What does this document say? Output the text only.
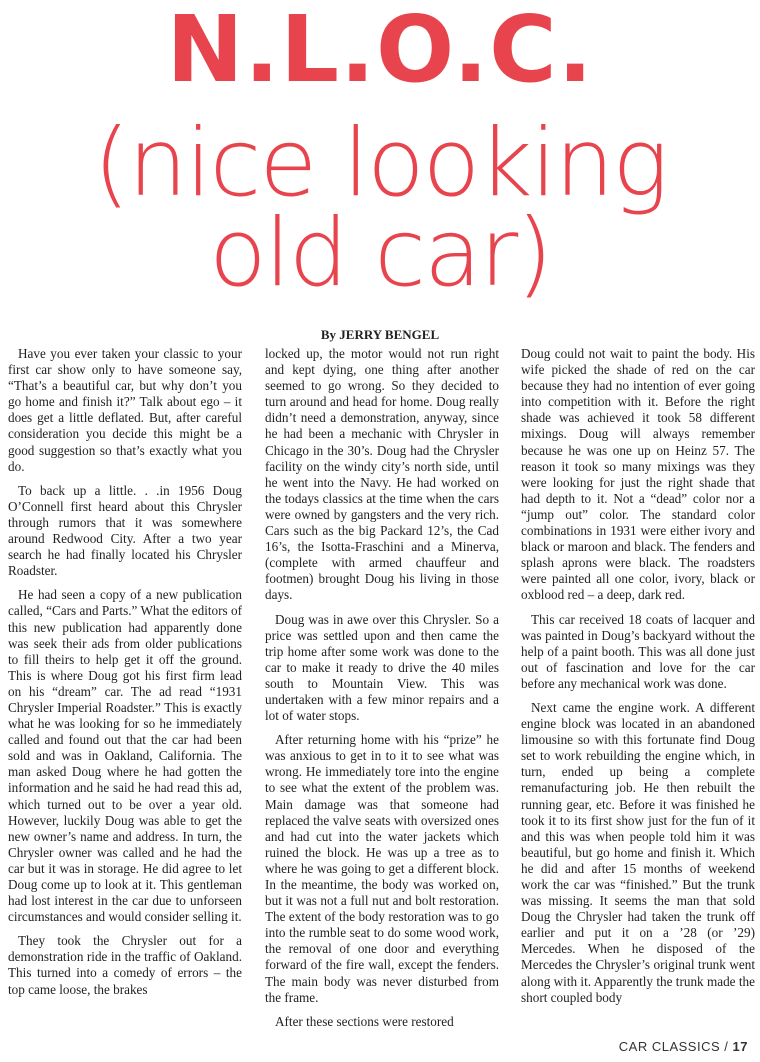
N.L.O.C.
(nice looking
old car)
By JERRY BENGEL

Have you ever taken your classic to your first car show only to have someone say, “That’s a beautiful car, but why don’t you go home and finish it?” Talk about ego – it does get a little deflated. But, after careful consideration you decide this might be a good suggestion so that’s exactly what you do.

To back up a little. . .in 1956 Doug O’Connell first heard about this Chrysler through rumors that it was somewhere around Redwood City. After a two year search he had finally located his Chrysler Roadster.

He had seen a copy of a new publication called, “Cars and Parts.” What the editors of this new publication had apparently done was seek their ads from older publications to fill theirs to help get it off the ground. This is where Doug got his first firm lead on his “dream” car. The ad read “1931 Chrysler Imperial Roadster.” This is exactly what he was looking for so he immediately called and found out that the car had been sold and was in Oakland, California. The man asked Doug where he had gotten the information and he said he had read this ad, which turned out to be over a year old. However, luckily Doug was able to get the new owner’s name and address. In turn, the Chrysler owner was called and he had the car but it was in storage. He did agree to let Doug come up to look at it. This gentleman had lost interest in the car due to unforseen circumstances and would consider selling it.

They took the Chrysler out for a demonstration ride in the traffic of Oakland. This turned into a comedy of errors – the top came loose, the brakes

locked up, the motor would not run right and kept dying, one thing after another seemed to go wrong. So they decided to turn around and head for home. Doug really didn’t need a demonstration, anyway, since he had been a mechanic with Chrysler in Chicago in the 30’s. Doug had the Chrysler facility on the windy city’s north side, until he went into the Navy. He had worked on the todays classics at the time when the cars were owned by gangsters and the very rich. Cars such as the big Packard 12’s, the Cad 16’s, the Isotta-Fraschini and a Minerva, (complete with armed chauffeur and footmen) brought Doug his living in those days.

Doug was in awe over this Chrysler. So a price was settled upon and then came the trip home after some work was done to the car to make it ready to drive the 40 miles south to Mountain View. This was undertaken with a few minor repairs and a lot of water stops.

After returning home with his “prize” he was anxious to get in to it to see what was wrong. He immediately tore into the engine to see what the extent of the problem was. Main damage was that someone had replaced the valve seats with oversized ones and had cut into the water jackets which ruined the block. He was up a tree as to where he was going to get a different block. In the meantime, the body was worked on, but it was not a full nut and bolt restoration. The extent of the body restoration was to go into the rumble seat to do some wood work, the removal of one door and everything forward of the fire wall, except the fenders. The main body was never disturbed from the frame.

After these sections were restored

Doug could not wait to paint the body. His wife picked the shade of red on the car because they had no intention of ever going into competition with it. Before the right shade was achieved it took 58 different mixings. Doug will always remember because he was one up on Heinz 57. The reason it took so many mixings was they were looking for just the right shade that had depth to it. Not a “dead” color nor a “jump out” color. The standard color combinations in 1931 were either ivory and black or maroon and black. The fenders and splash aprons were black. The roadsters were painted all one color, ivory, black or oxblood red – a deep, dark red.

This car received 18 coats of lacquer and was painted in Doug’s backyard without the help of a paint booth. This was all done just out of fascination and love for the car before any mechanical work was done.

Next came the engine work. A different engine block was located in an abandoned limousine so with this fortunate find Doug set to work rebuilding the engine which, in turn, ended up being a complete remanufacturing job. He then rebuilt the running gear, etc. Before it was finished he took it to its first show just for the fun of it and this was when people told him it was beautiful, but go home and finish it. Which he did and after 15 months of weekend work the car was “finished.” But the trunk was missing. It seems the man that sold Doug the Chrysler had taken the trunk off earlier and put it on a ’28 (or ’29) Mercedes. When he disposed of the Mercedes the Chrysler’s original trunk went along with it. Apparently the trunk made the short coupled body

CAR CLASSICS / 17
